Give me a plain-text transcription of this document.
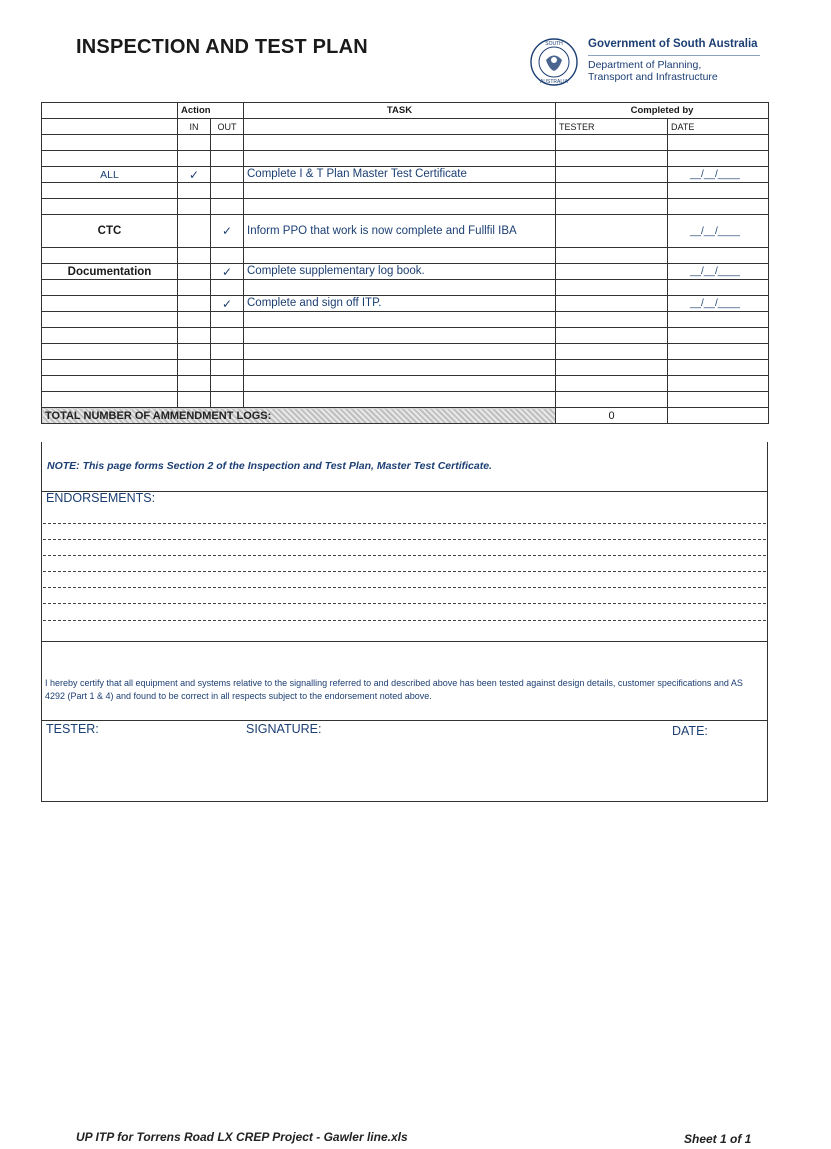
INSPECTION AND TEST PLAN	SOUTH
AUSTRALIA
Government of South Australia
Department of Planning,
Transport and Infrastructure
	Action		TASK	Completed by	
	IN	OUT		TESTER	DATE

ALL	✓		Complete I & T Plan Master Test Certificate		__/__/____

CTC		✓	Inform PPO that work is now complete and Fullfil IBA		__/__/____

Documentation		✓	Complete supplementary log book.		__/__/____

		✓	Complete and sign off ITP.		__/__/____

TOTAL NUMBER OF AMMENDMENT LOGS:				0	
NOTE: This page forms Section 2 of the Inspection and Test Plan, Master Test Certificate.
ENDORSEMENTS:
I hereby certify that all equipment and systems relative to the signalling referred to and described above has been tested against design details, customer specifications and AS 4292 (Part 1 & 4) and found to be correct in all respects subject to the endorsement noted above.
TESTER:	SIGNATURE:	DATE:
UP ITP for Torrens Road LX CREP Project - Gawler line.xls	Sheet 1 of 1
